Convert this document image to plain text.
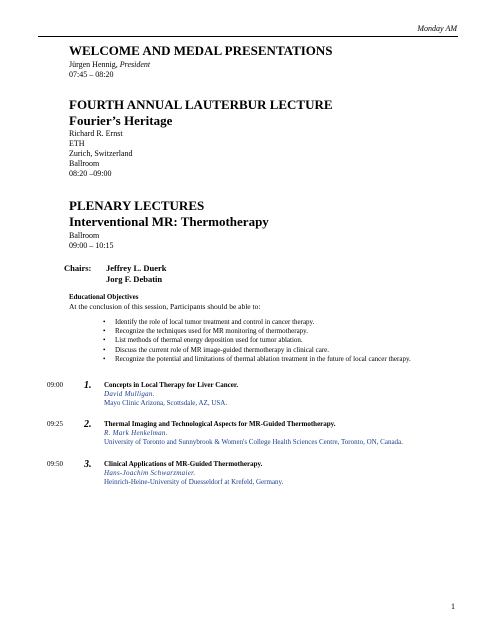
Monday AM
WELCOME AND MEDAL PRESENTATIONS
Jürgen Hennig, President
07:45 – 08:20
FOURTH ANNUAL LAUTERBUR LECTURE
Fourier’s Heritage
Richard R. Ernst
ETH
Zurich, Switzerland
Ballroom
08:20 –09:00
PLENARY LECTURES
Interventional MR: Thermotherapy
Ballroom
09:00 – 10:15
Chairs: Jeffrey L. Duerk
Jorg F. Debatin
Educational Objectives
At the conclusion of this session, Participants should be able to:
• Identify the role of local tumor treatment and control in cancer therapy.
• Recognize the techniques used for MR monitoring of thermotherapy.
• List methods of thermal energy deposition used for tumor ablation.
• Discuss the current role of MR image-guided thermotherapy in clinical care.
• Recognize the potential and limitations of thermal ablation treatment in the future of local cancer therapy.
09:00 1. Concepts in Local Therapy for Liver Cancer.
David Mulligan.
Mayo Clinic Arizona, Scottsdale, AZ, USA.
09:25 2. Thermal Imaging and Technological Aspects for MR-Guided Thermotherapy.
R. Mark Henkelman.
University of Toronto and Sunnybrook & Women's College Health Sciences Centre, Toronto, ON, Canada.
09:50 3. Clinical Applications of MR-Guided Thermotherapy.
Hans-Joachim Schwarzmaier.
Heinrich-Heine-University of Duesseldorf at Krefeld, Germany.
1
